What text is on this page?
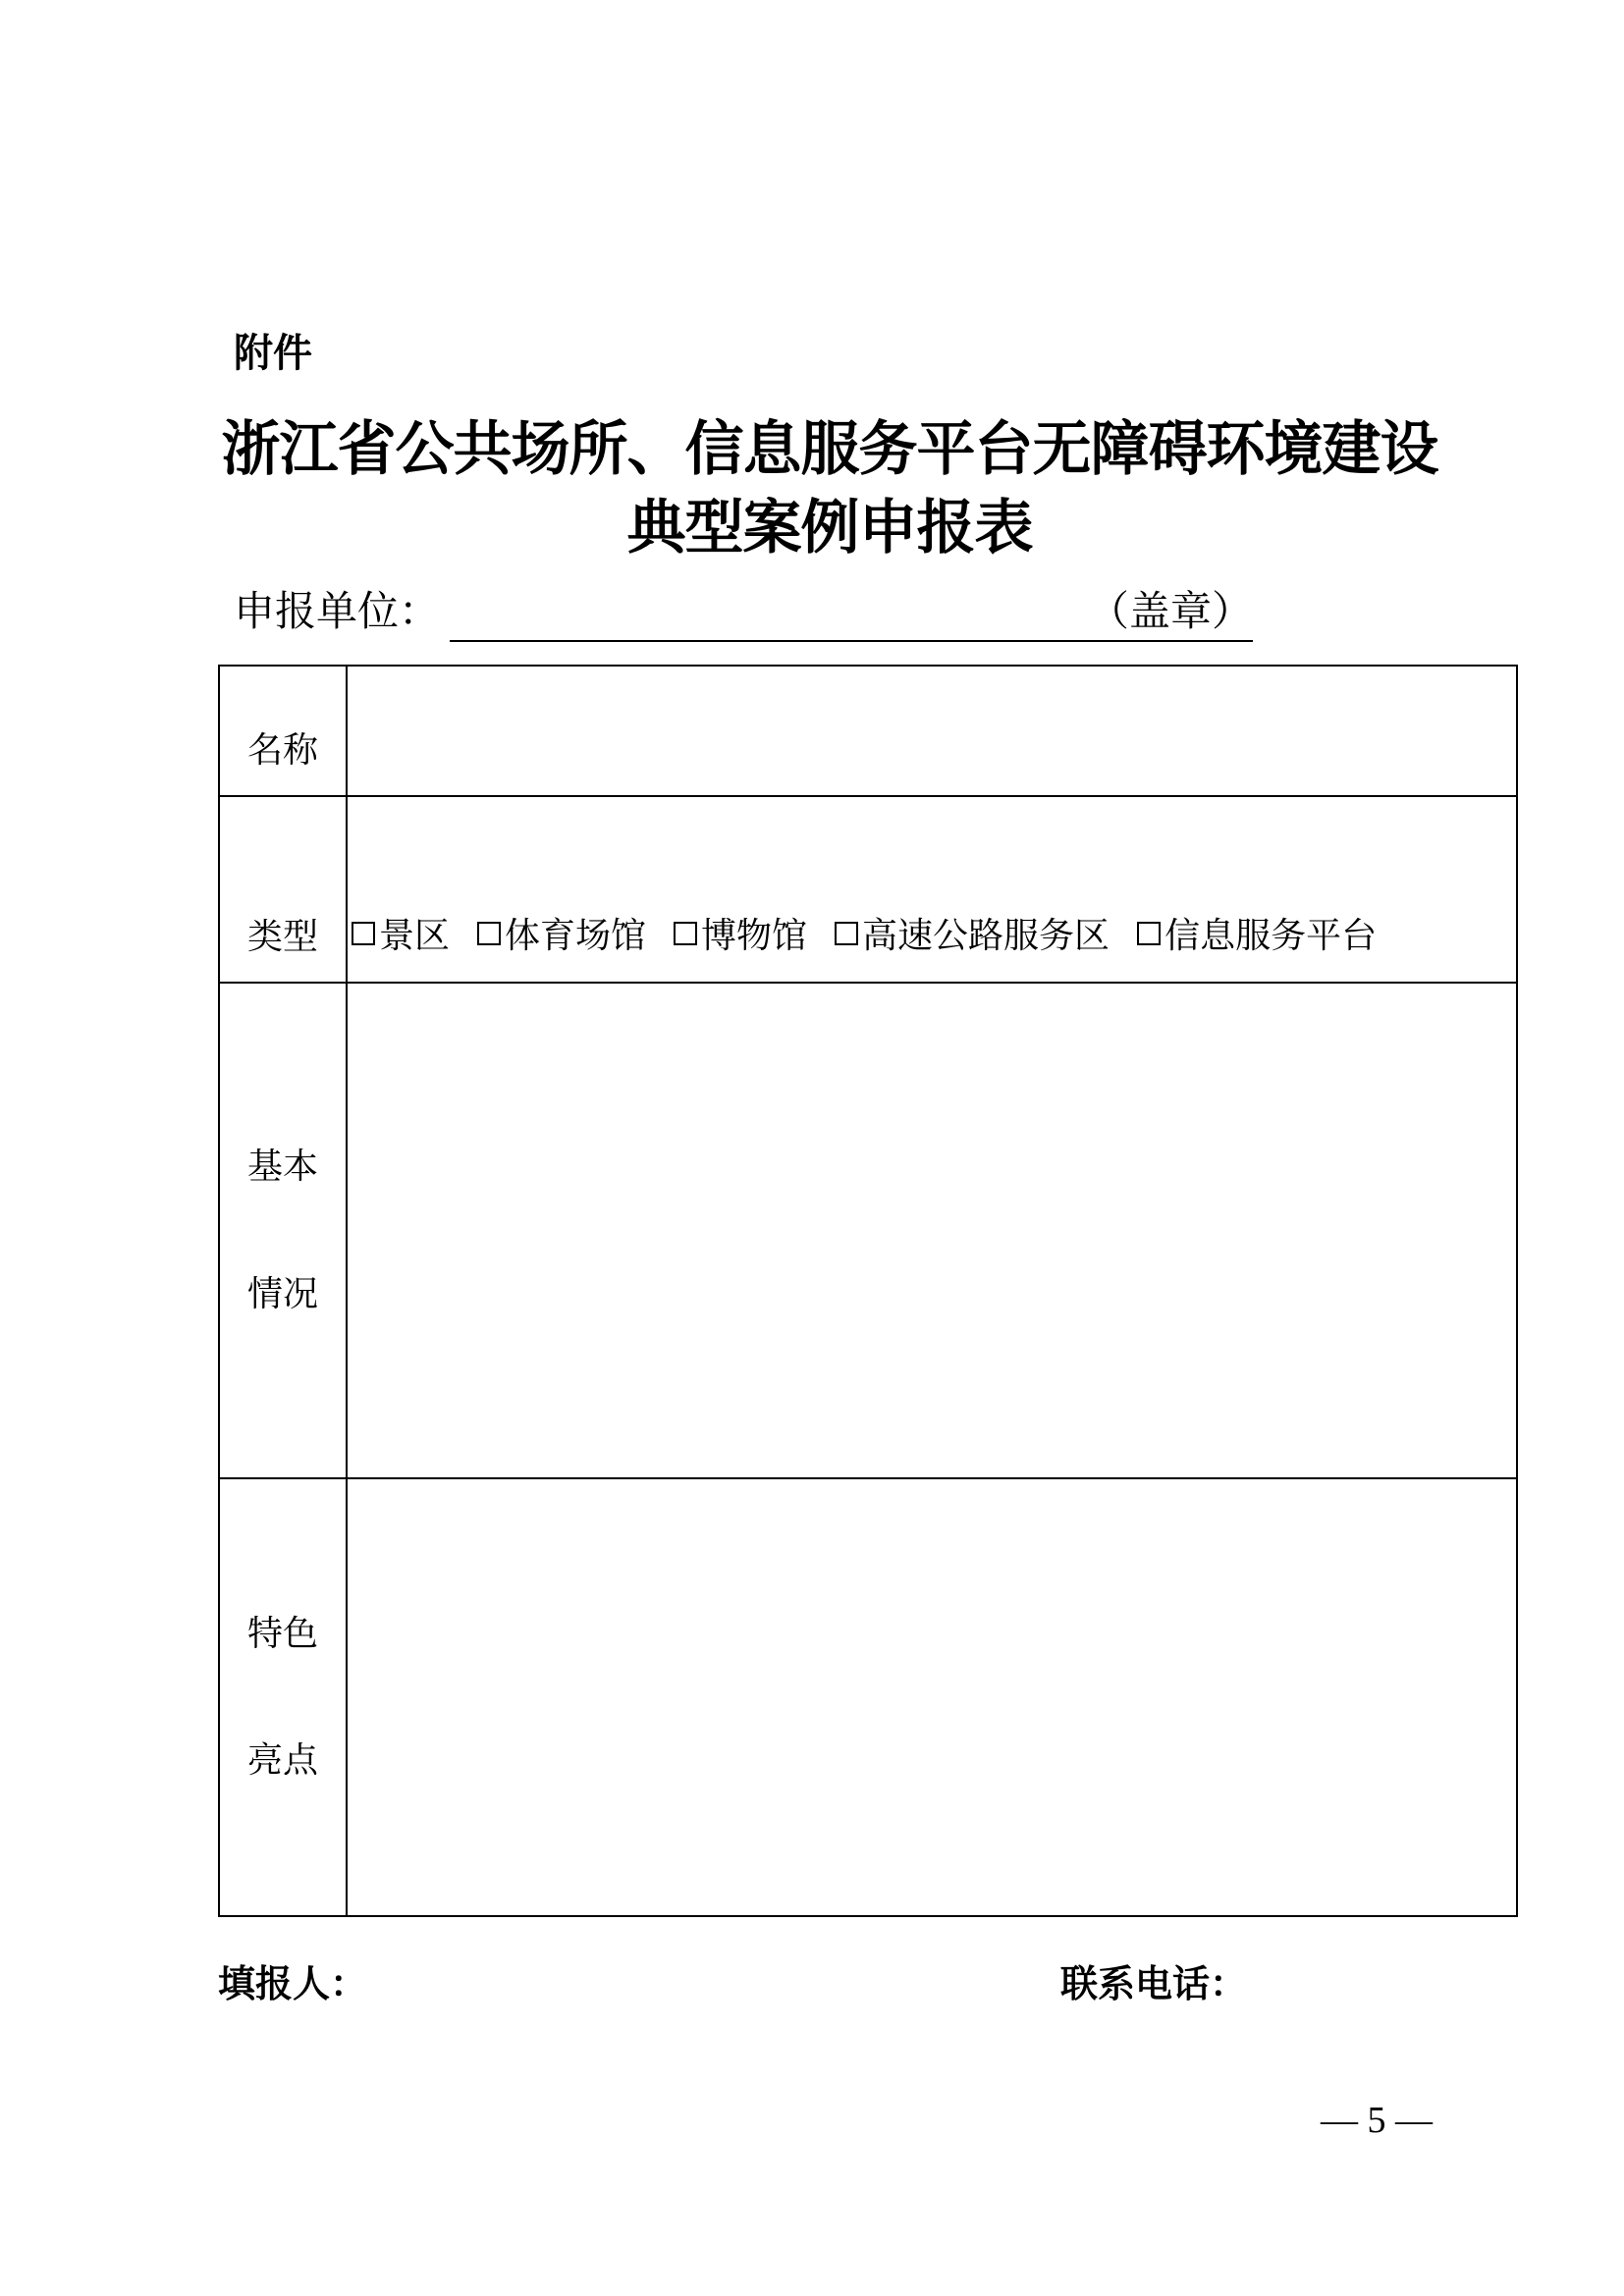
附件
浙江省公共场所、信息服务平台无障碍环境建设
典型案例申报表
申报单位：	（盖章）
名称	

类型	景区 体育场馆 博物馆 高速公路服务区 信息服务平台

基本
情况	

特色
亮点	

填报人：	联系电话：
— 5 —
